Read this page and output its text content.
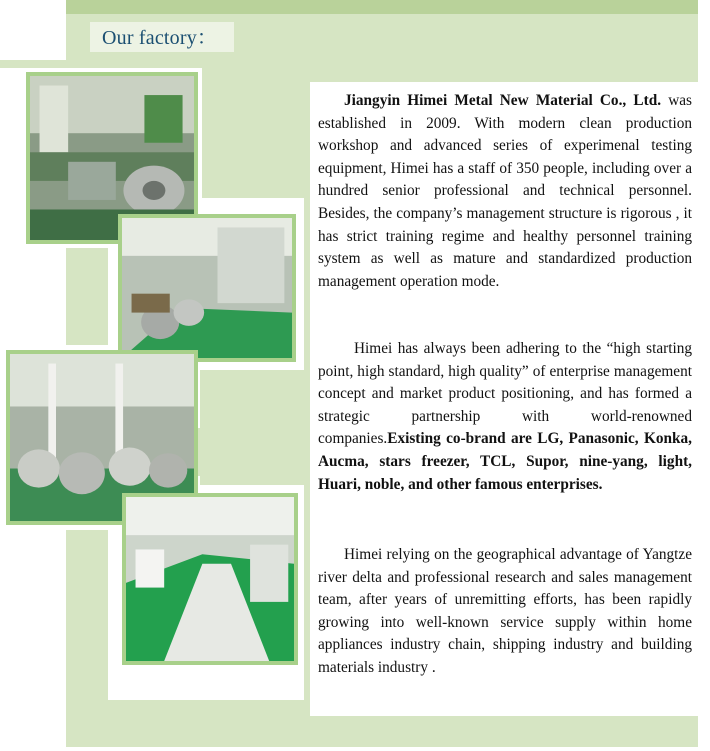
Our factory：
Jiangyin Himei Metal New Material Co., Ltd. was established in 2009. With modern clean production workshop and advanced series of experimenal testing equipment, Himei has a staff of 350 people, including over a hundred senior professional and technical personnel. Besides, the company’s management structure is rigorous , it has strict training regime and healthy personnel training system as well as mature and standardized production management operation mode.
Himei has always been adhering to the “high starting point, high standard, high quality” of enterprise management concept and market product positioning, and has formed a strategic partnership with world-renowned companies.Existing co-brand are LG, Panasonic, Konka, Aucma, stars freezer, TCL, Supor, nine-yang, light, Huari, noble, and other famous enterprises.
Himei relying on the geographical advantage of Yangtze river delta and professional research and sales management team, after years of unremitting efforts, has been rapidly growing into well-known service supply within home appliances industry chain, shipping industry and building materials industry .
